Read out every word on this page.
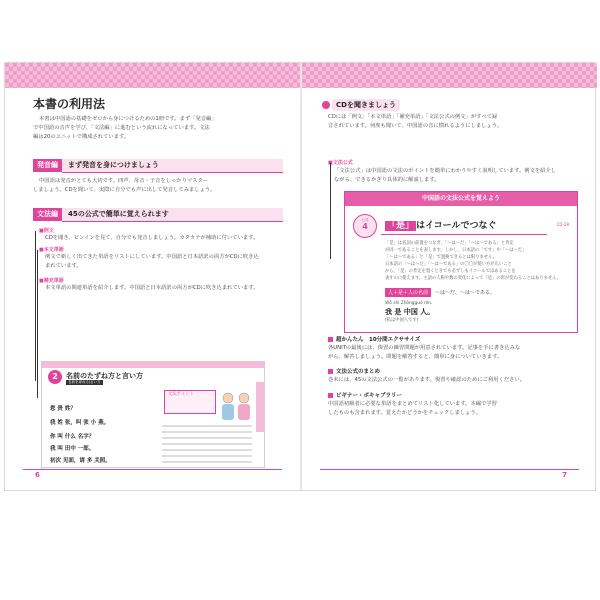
本書の利用法
本書は中国語の基礎をゼロから身につけるための1冊です。まず「発音編」
で中国語の音声を学び、「文法編」に進むという流れになっています。文法
編は20のユニットで構成されています。
発音編	まず発音を身につけましょう
中国語は発音がとても大切です。四声、母音・子音をしっかりマスター
しましょう。CDを聞いて、実際に自分でも声に出して発音してみましょう。
文法編	45の公式で簡単に覚えられます
■例文
CDを聞き、ピンインを見て、自分でも発音しましょう。カタカナが補助に付いています。
■本文単語
例文で新しく出てきた単語をリストにしています。中国語と日本語訳の両方がCDに吹き込
まれています。
■補充単語
本文単語の関連単語を紹介します。中国語と日本語訳の両方がCDに吹き込まれています。
2	名前のたずね方と言い方
名前を尋ねる/言い方
您 贵 姓？
我 姓 张，叫 张 小 燕。
你 叫 什么 名字？
我 叫 田中 一郎。
初次 见面，请 多 关照。
文法ポイント
6
CDを聞きましょう
CDには「例文」「本文単語」「補充単語」「文法公式の例文」がすべて録
音されています。何度も聞いて、中国語の音に慣れるようにしましょう。
■文法公式
「文法公式」は中国語の文法のポイントを簡単にわかりやすく説明しています。例文を紹介し
ながら、できるかぎり具体的に解説します。
中国語の文法公式を覚えよう
公式
4	「是」 はイコールでつなぐ	CD-28
「是」は名詞の前置をつなぎ、「〜は〜だ」「〜は〜である」と肯定
が同一であることを表します。しかし、日本語の「です」や「〜は〜だ」
「〜は〜である」と「是」で置換できるとは限りません。
日本語の「〜は〜だ」「〜は〜である」の〇〇が使い方が広いこと
から、「是」の肯定を置くときでも必ずしもイコールではあることを
表すのに使えます。主語の人称や数の変化によって「是」の形が変わることはありません。
人＋是＋人の名前	〜は〜だ、〜は〜である。
Wǒ shì Zhōngguó rén.
我 是 中国 人。
(私は中国人です)
超かんたん　10分間エクササイズ
各UNITの最後には、復習の練習問題が用意されています。記事を手に書き込みな
がら、解答しましょう。問題を解答すると、簡単に身についていきます。
文法公式のまとめ
巻末には、45の文法公式の一覧があります。復習や確認のためにご利用ください。
ビギナー・ボキャブラリー
中国語初級者に必要な単語をまとめてリスト化しています。本編で学習
したものも含まれます。覚えたかどうかをチェックしましょう。
7
